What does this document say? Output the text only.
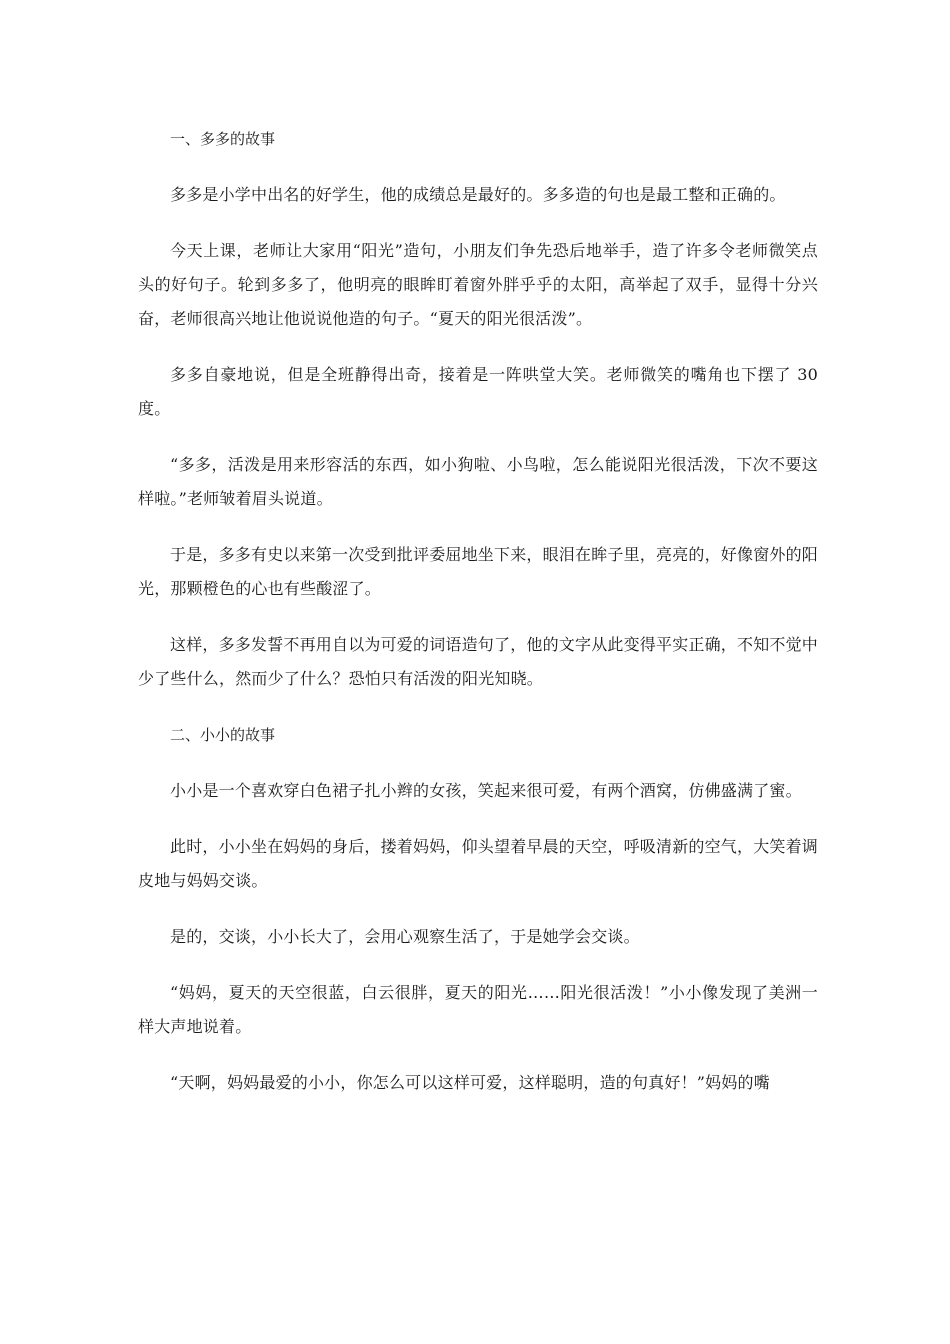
一、多多的故事

多多是小学中出名的好学生，他的成绩总是最好的。多多造的句也是最工整和正确的。

今天上课，老师让大家用“阳光”造句，小朋友们争先恐后地举手，造了许多令老师微笑点头的好句子。轮到多多了，他明亮的眼眸盯着窗外胖乎乎的太阳，高举起了双手，显得十分兴奋，老师很高兴地让他说说他造的句子。“夏天的阳光很活泼”。

多多自豪地说，但是全班静得出奇，接着是一阵哄堂大笑。老师微笑的嘴角也下摆了 30 度。

“多多，活泼是用来形容活的东西，如小狗啦、小鸟啦，怎么能说阳光很活泼，下次不要这样啦。”老师皱着眉头说道。

于是，多多有史以来第一次受到批评委屈地坐下来，眼泪在眸子里，亮亮的，好像窗外的阳光，那颗橙色的心也有些酸涩了。

这样，多多发誓不再用自以为可爱的词语造句了，他的文字从此变得平实正确，不知不觉中少了些什么，然而少了什么？恐怕只有活泼的阳光知晓。

二、小小的故事

小小是一个喜欢穿白色裙子扎小辫的女孩，笑起来很可爱，有两个酒窝，仿佛盛满了蜜。

此时，小小坐在妈妈的身后，搂着妈妈，仰头望着早晨的天空，呼吸清新的空气，大笑着调皮地与妈妈交谈。

是的，交谈，小小长大了，会用心观察生活了，于是她学会交谈。

“妈妈，夏天的天空很蓝，白云很胖，夏天的阳光……阳光很活泼！”小小像发现了美洲一样大声地说着。

“天啊，妈妈最爱的小小，你怎么可以这样可爱，这样聪明，造的句真好！”妈妈的嘴
